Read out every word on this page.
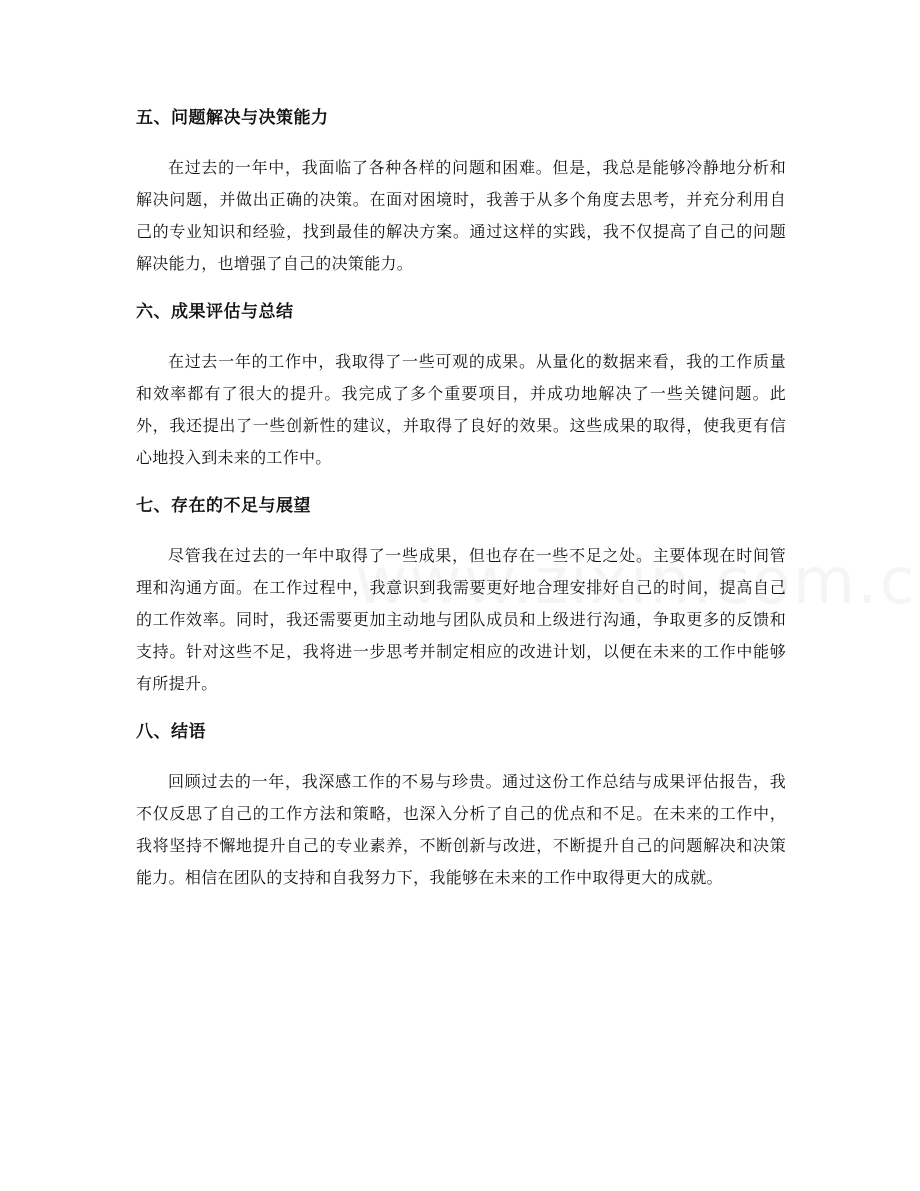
五、问题解决与决策能力

在过去的一年中，我面临了各种各样的问题和困难。但是，我总是能够冷静地分析和解决问题，并做出正确的决策。在面对困境时，我善于从多个角度去思考，并充分利用自己的专业知识和经验，找到最佳的解决方案。通过这样的实践，我不仅提高了自己的问题解决能力，也增强了自己的决策能力。

六、成果评估与总结

在过去一年的工作中，我取得了一些可观的成果。从量化的数据来看，我的工作质量和效率都有了很大的提升。我完成了多个重要项目，并成功地解决了一些关键问题。此外，我还提出了一些创新性的建议，并取得了良好的效果。这些成果的取得，使我更有信心地投入到未来的工作中。

七、存在的不足与展望

尽管我在过去的一年中取得了一些成果，但也存在一些不足之处。主要体现在时间管理和沟通方面。在工作过程中，我意识到我需要更好地合理安排好自己的时间，提高自己的工作效率。同时，我还需要更加主动地与团队成员和上级进行沟通，争取更多的反馈和支持。针对这些不足，我将进一步思考并制定相应的改进计划，以便在未来的工作中能够有所提升。

八、结语

回顾过去的一年，我深感工作的不易与珍贵。通过这份工作总结与成果评估报告，我不仅反思了自己的工作方法和策略，也深入分析了自己的优点和不足。在未来的工作中，我将坚持不懈地提升自己的专业素养，不断创新与改进，不断提升自己的问题解决和决策能力。相信在团队的支持和自我努力下，我能够在未来的工作中取得更大的成就。
